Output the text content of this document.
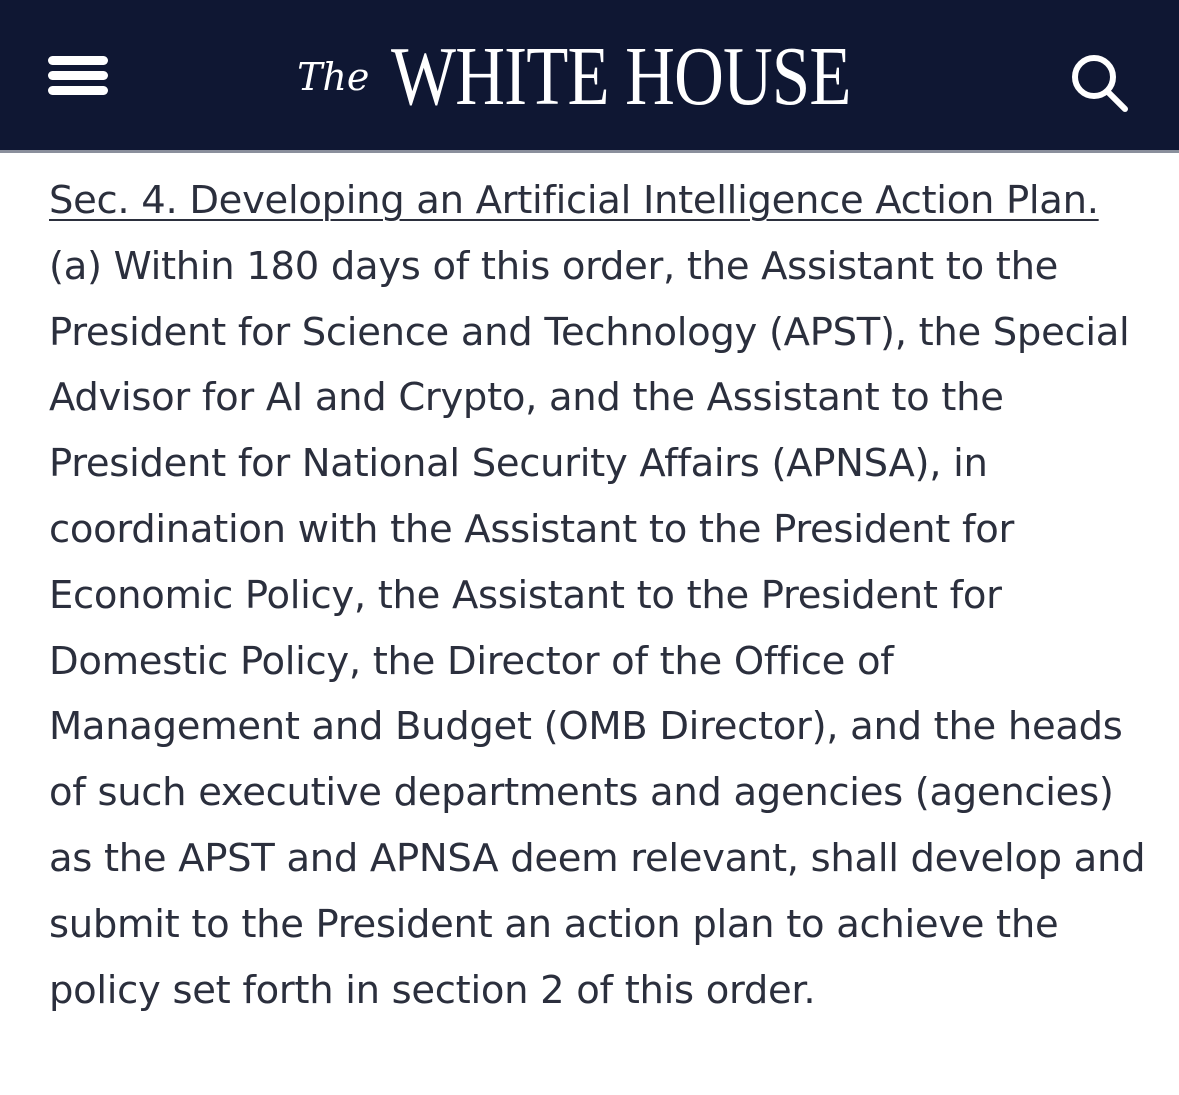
The WHITE HOUSE

Sec. 4. Developing an Artificial Intelligence Action Plan. (a) Within 180 days of this order, the Assistant to the President for Science and Technology (APST), the Special Advisor for AI and Crypto, and the Assistant to the President for National Security Affairs (APNSA), in coordination with the Assistant to the President for Economic Policy, the Assistant to the President for Domestic Policy, the Director of the Office of Management and Budget (OMB Director), and the heads of such executive departments and agencies (agencies) as the APST and APNSA deem relevant, shall develop and submit to the President an action plan to achieve the policy set forth in section 2 of this order.
